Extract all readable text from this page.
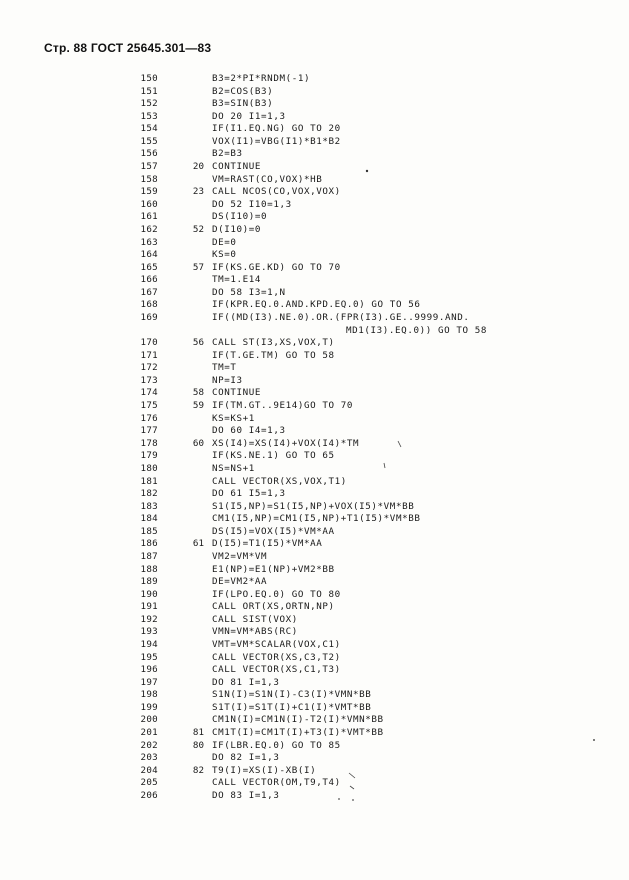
Стр. 88 ГОСТ 25645.301—83
150	B3=2*PI*RNDM(-1)
151	B2=COS(B3)
152	B3=SIN(B3)
153	DO 20 I1=1,3
154	IF(I1.EQ.NG) GO TO 20
155	VOX(I1)=VBG(I1)*B1*B2
156	B2=B3
157	20 CONTINUE
158	VM=RAST(CO,VOX)*HB
159	23 CALL NCOS(CO,VOX,VOX)
160	DO 52 I10=1,3
161	DS(I10)=0
162	52 D(I10)=0
163	DE=0
164	KS=0
165	57 IF(KS.GE.KD) GO TO 70
166	TM=1.E14
167	DO 58 I3=1,N
168	IF(KPR.EQ.0.AND.KPD.EQ.0) GO TO 56
169	IF((MD(I3).NE.0).OR.(FPR(I3).GE..9999.AND.
MD1(I3).EQ.0)) GO TO 58
170	56 CALL ST(I3,XS,VOX,T)
171	IF(T.GE.TM) GO TO 58
172	TM=T
173	NP=I3
174	58 CONTINUE
175	59 IF(TM.GT..9E14)GO TO 70
176	KS=KS+1
177	DO 60 I4=1,3
178	60 XS(I4)=XS(I4)+VOX(I4)*TM
179	IF(KS.NE.1) GO TO 65
180	NS=NS+1
181	CALL VECTOR(XS,VOX,T1)
182	DO 61 I5=1,3
183	S1(I5,NP)=S1(I5,NP)+VOX(I5)*VM*BB
184	CM1(I5,NP)=CM1(I5,NP)+T1(I5)*VM*BB
185	DS(I5)=VOX(I5)*VM*AA
186	61 D(I5)=T1(I5)*VM*AA
187	VM2=VM*VM
188	E1(NP)=E1(NP)+VM2*BB
189	DE=VM2*AA
190	IF(LPO.EQ.0) GO TO 80
191	CALL ORT(XS,ORTN,NP)
192	CALL SIST(VOX)
193	VMN=VM*ABS(RC)
194	VMT=VM*SCALAR(VOX,C1)
195	CALL VECTOR(XS,C3,T2)
196	CALL VECTOR(XS,C1,T3)
197	DO 81 I=1,3
198	S1N(I)=S1N(I)-C3(I)*VMN*BB
199	S1T(I)=S1T(I)+C1(I)*VMT*BB
200	CM1N(I)=CM1N(I)-T2(I)*VMN*BB
201	81 CM1T(I)=CM1T(I)+T3(I)*VMT*BB
202	80 IF(LBR.EQ.0) GO TO 85
203	DO 82 I=1,3
204	82 T9(I)=XS(I)-XB(I)
205	CALL VECTOR(OM,T9,T4)
206	DO 83 I=1,3
